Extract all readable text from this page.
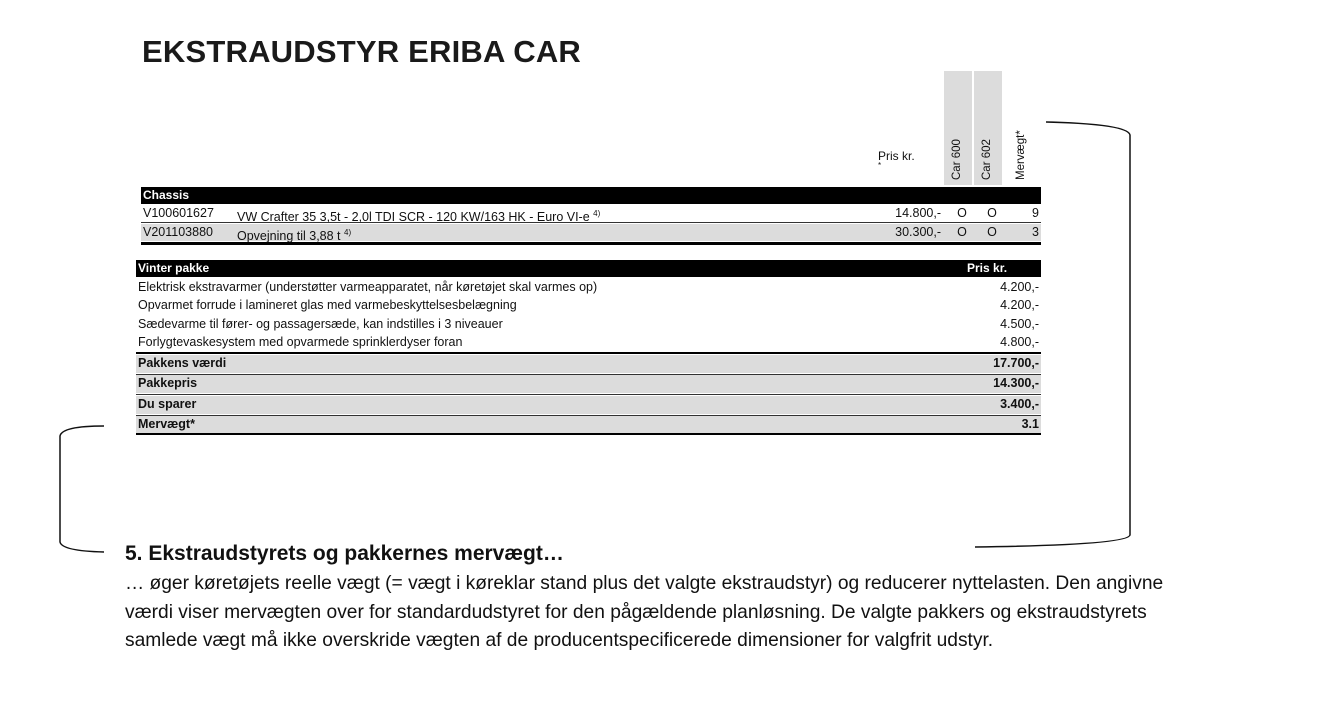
EKSTRAUDSTYR ERIBA CAR
Pris kr.
*	Car 600 Car 602 Mervægt*
Chassis
V100601627 VW Crafter 35 3,5t - 2,0l TDI SCR - 120 KW/163 HK - Euro VI-e $^{4)}$	14.800,-	O	O	9
V201103880 Opvejning til 3,88 t $^{4)}$	30.300,-	O	O	3
Vinter pakke	Pris kr.
Elektrisk ekstravarmer (understøtter varmeapparatet, når køretøjet skal varmes op)	4.200,-
Opvarmet forrude i lamineret glas med varmebeskyttelsesbelægning	4.200,-
Sædevarme til fører- og passagersæde, kan indstilles i 3 niveauer	4.500,-
Forlygtevaskesystem med opvarmede sprinklerdyser foran	4.800,-
Pakkens værdi	17.700,-
Pakkepris	14.300,-
Du sparer	3.400,-
Mervægt*	3.1
5. Ekstraudstyrets og pakkernes mervægt…
… øger køretøjets reelle vægt (= vægt i køreklar stand plus det valgte ekstraudstyr) og reducerer nyttelasten. Den angivne værdi viser mervægten over for standardudstyret for den pågældende planløsning. De valgte pakkers og ekstraudstyrets samlede vægt må ikke overskride vægten af de producentspecificerede dimensioner for valgfrit udstyr.
